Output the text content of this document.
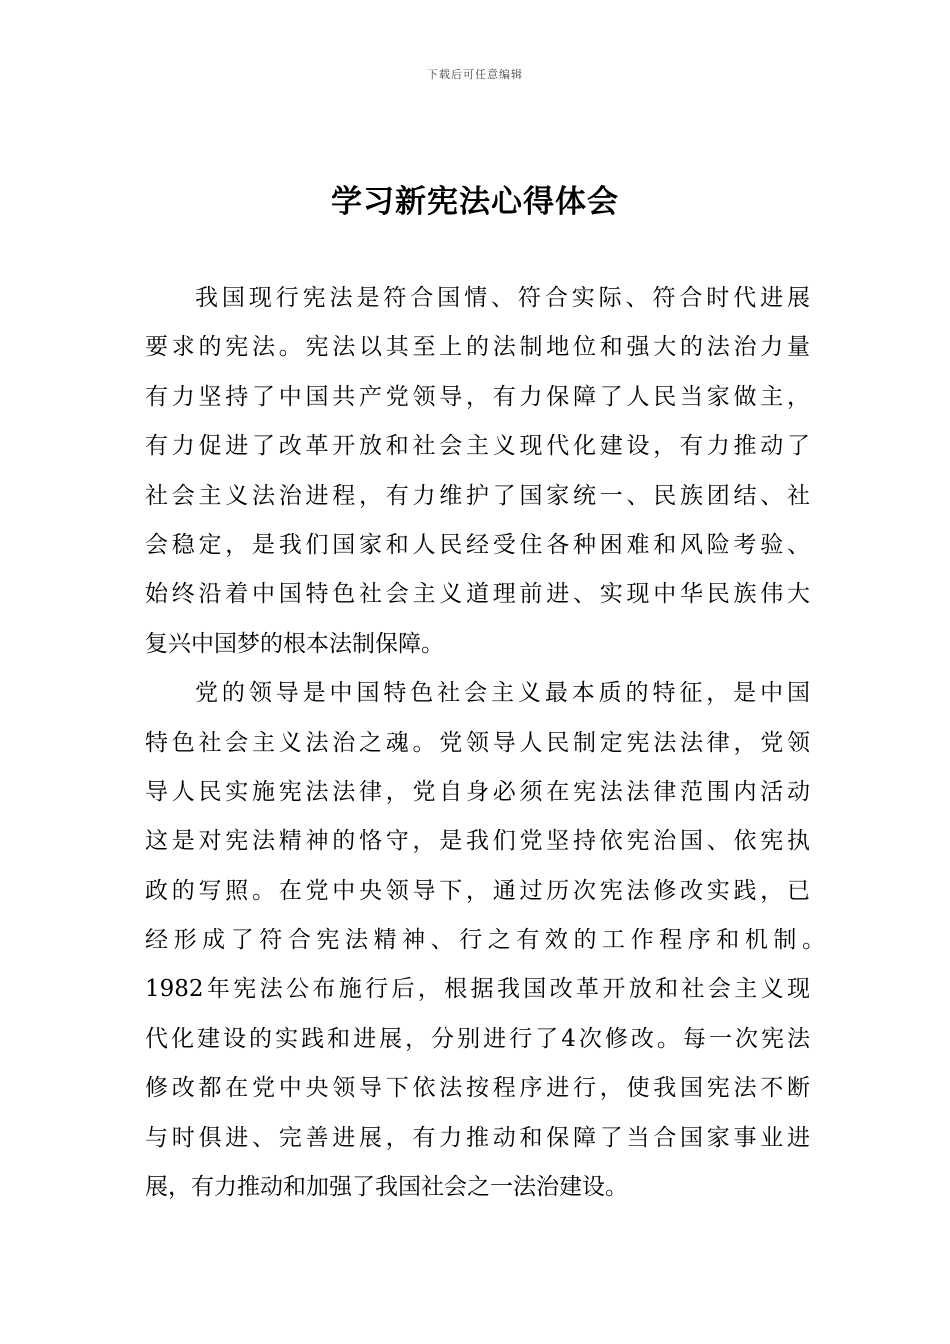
下载后可任意编辑
学习新宪法心得体会
我国现行宪法是符合国情、符合实际、符合时代进展
要求的宪法。宪法以其至上的法制地位和强大的法治力量
有力坚持了中国共产党领导，有力保障了人民当家做主，
有力促进了改革开放和社会主义现代化建设，有力推动了
社会主义法治进程，有力维护了国家统一、民族团结、社
会稳定，是我们国家和人民经受住各种困难和风险考验、
始终沿着中国特色社会主义道理前进、实现中华民族伟大
复兴中国梦的根本法制保障。
党的领导是中国特色社会主义最本质的特征，是中国
特色社会主义法治之魂。党领导人民制定宪法法律，党领
导人民实施宪法法律，党自身必须在宪法法律范围内活动
这是对宪法精神的恪守，是我们党坚持依宪治国、依宪执
政的写照。在党中央领导下，通过历次宪法修改实践，已
经形成了符合宪法精神、行之有效的工作程序和机制。
1982年宪法公布施行后，根据我国改革开放和社会主义现
代化建设的实践和进展，分别进行了4次修改。每一次宪法
修改都在党中央领导下依法按程序进行，使我国宪法不断
与时俱进、完善进展，有力推动和保障了当合国家事业进
展，有力推动和加强了我国社会之一法治建设。
